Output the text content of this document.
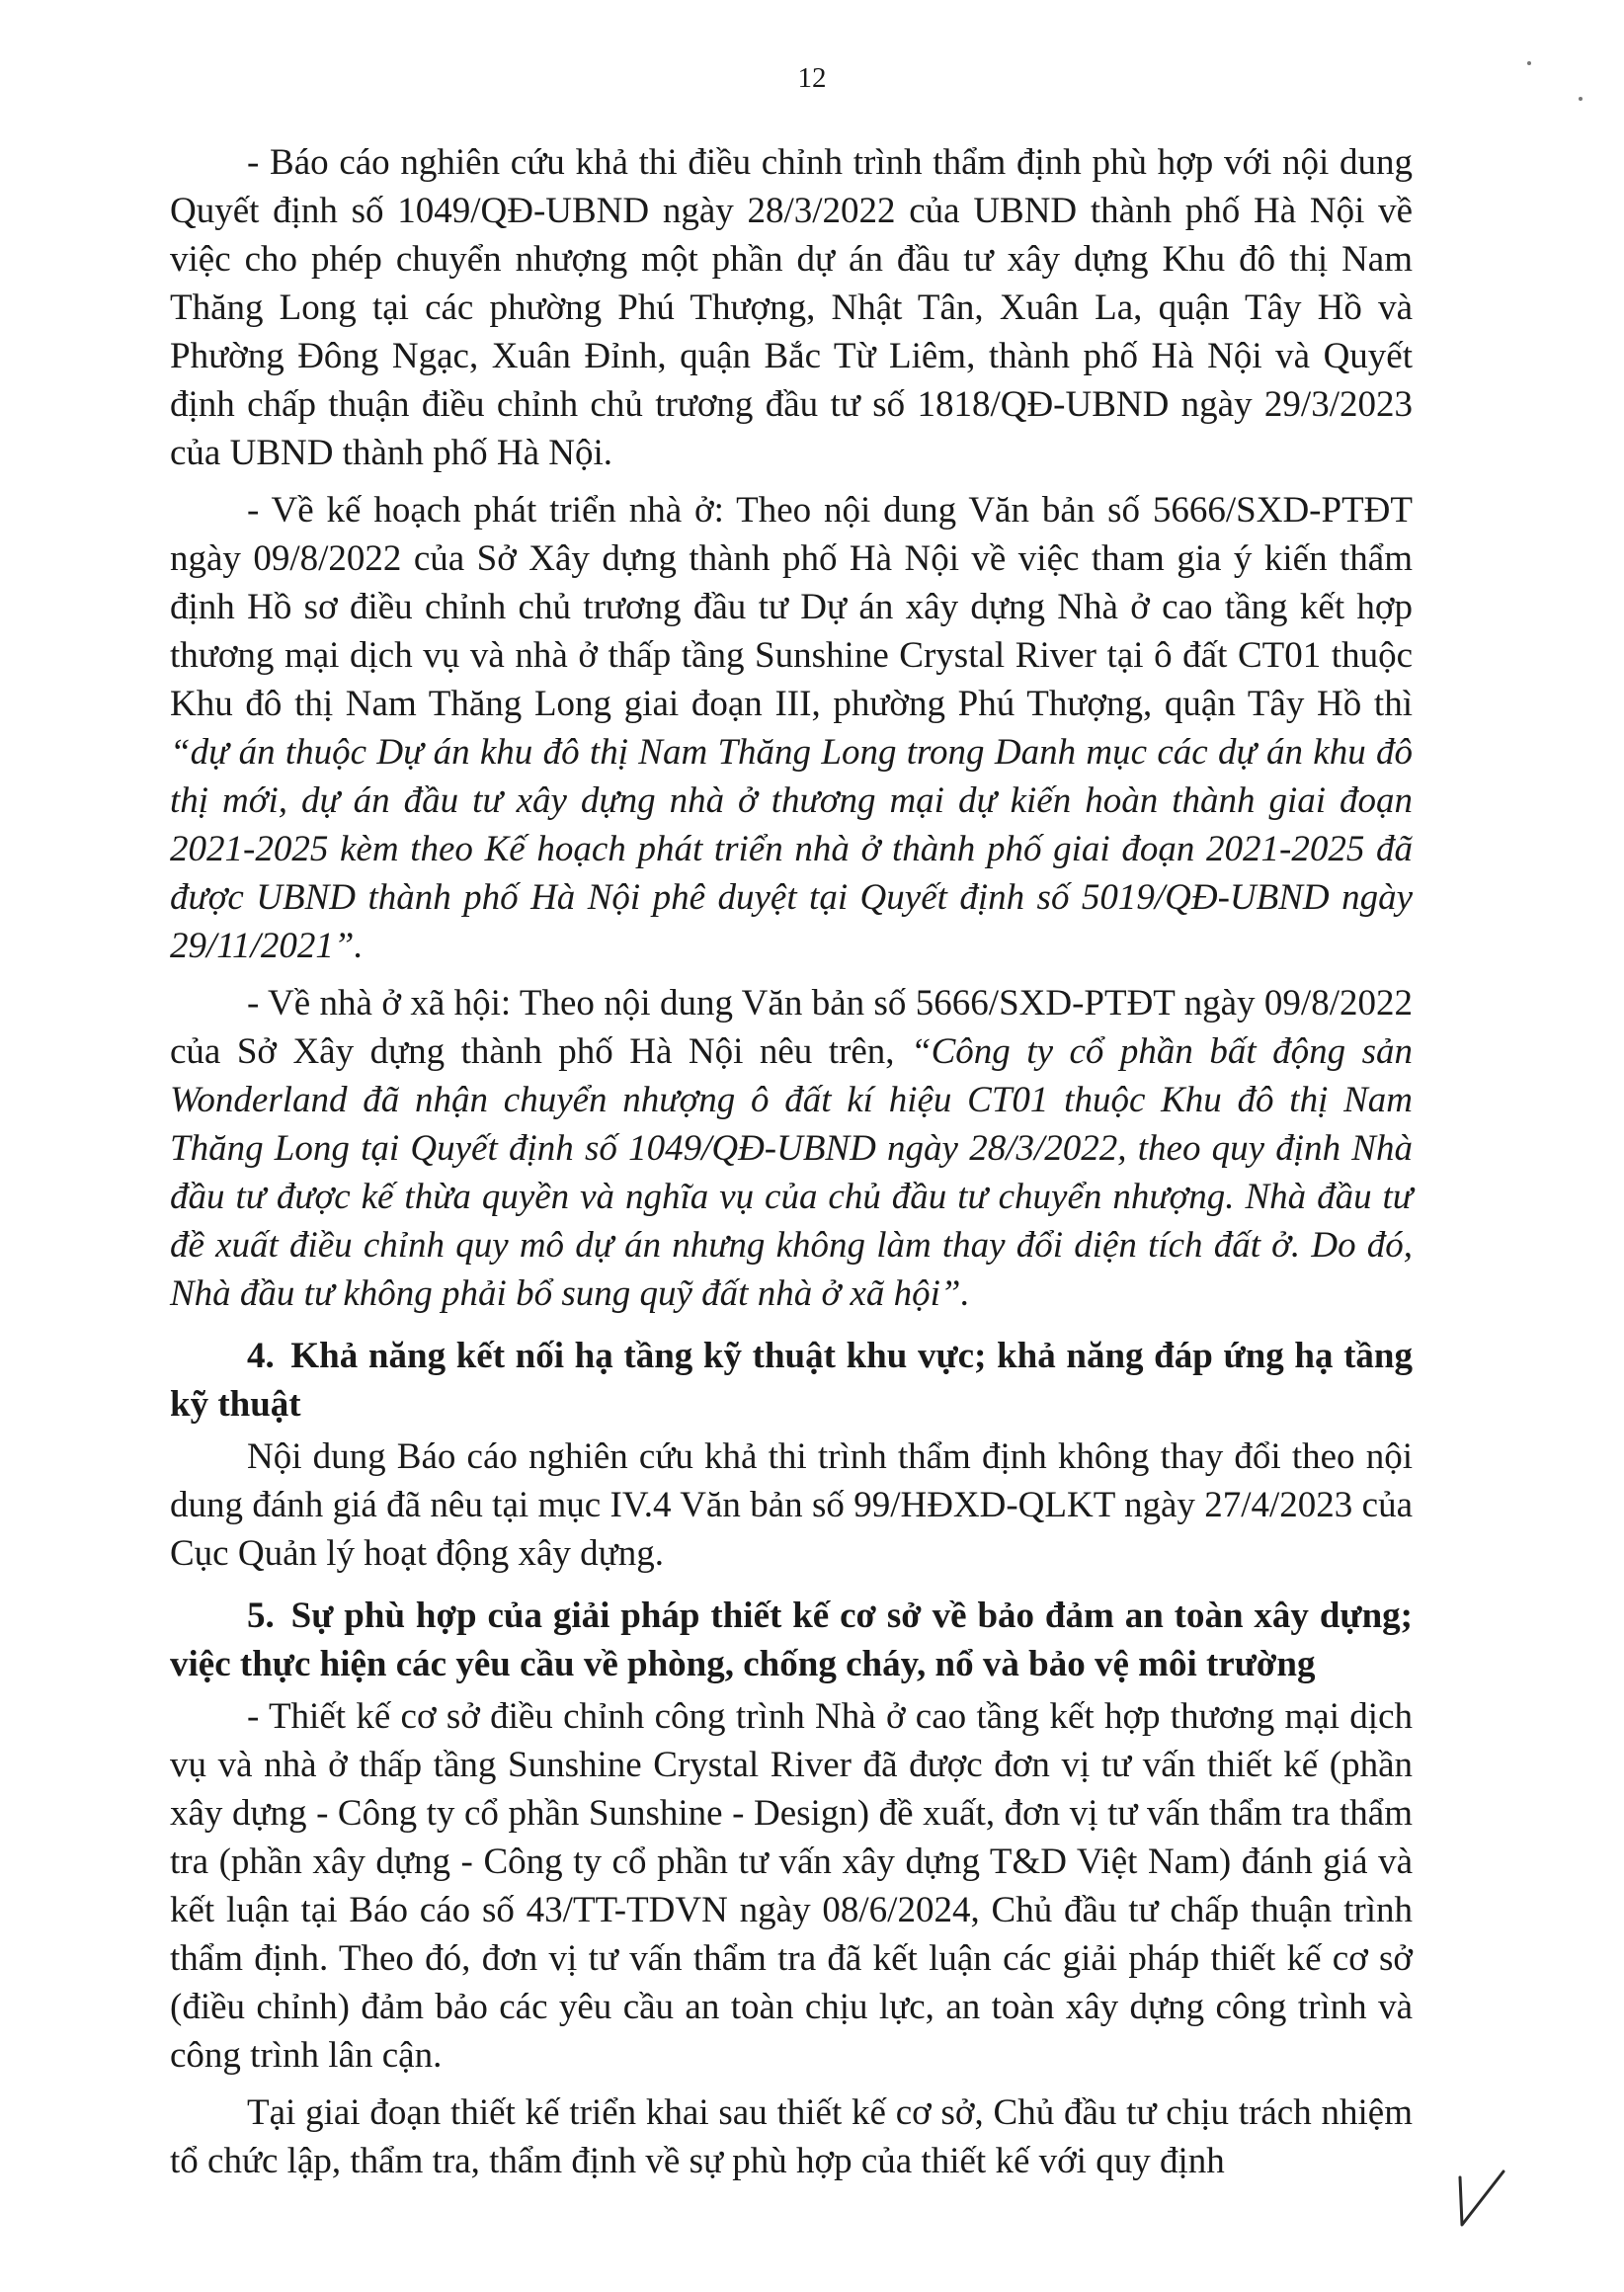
12

- Báo cáo nghiên cứu khả thi điều chỉnh trình thẩm định phù hợp với nội dung Quyết định số 1049/QĐ-UBND ngày 28/3/2022 của UBND thành phố Hà Nội về việc cho phép chuyển nhượng một phần dự án đầu tư xây dựng Khu đô thị Nam Thăng Long tại các phường Phú Thượng, Nhật Tân, Xuân La, quận Tây Hồ và Phường Đông Ngạc, Xuân Đỉnh, quận Bắc Từ Liêm, thành phố Hà Nội và Quyết định chấp thuận điều chỉnh chủ trương đầu tư số 1818/QĐ-UBND ngày 29/3/2023 của UBND thành phố Hà Nội.

- Về kế hoạch phát triển nhà ở: Theo nội dung Văn bản số 5666/SXD-PTĐT ngày 09/8/2022 của Sở Xây dựng thành phố Hà Nội về việc tham gia ý kiến thẩm định Hồ sơ điều chỉnh chủ trương đầu tư Dự án xây dựng Nhà ở cao tầng kết hợp thương mại dịch vụ và nhà ở thấp tầng Sunshine Crystal River tại ô đất CT01 thuộc Khu đô thị Nam Thăng Long giai đoạn III, phường Phú Thượng, quận Tây Hồ thì “dự án thuộc Dự án khu đô thị Nam Thăng Long trong Danh mục các dự án khu đô thị mới, dự án đầu tư xây dựng nhà ở thương mại dự kiến hoàn thành giai đoạn 2021-2025 kèm theo Kế hoạch phát triển nhà ở thành phố giai đoạn 2021-2025 đã được UBND thành phố Hà Nội phê duyệt tại Quyết định số 5019/QĐ-UBND ngày 29/11/2021”.

- Về nhà ở xã hội: Theo nội dung Văn bản số 5666/SXD-PTĐT ngày 09/8/2022 của Sở Xây dựng thành phố Hà Nội nêu trên, “Công ty cổ phần bất động sản Wonderland đã nhận chuyển nhượng ô đất kí hiệu CT01 thuộc Khu đô thị Nam Thăng Long tại Quyết định số 1049/QĐ-UBND ngày 28/3/2022, theo quy định Nhà đầu tư được kế thừa quyền và nghĩa vụ của chủ đầu tư chuyển nhượng. Nhà đầu tư đề xuất điều chỉnh quy mô dự án nhưng không làm thay đổi diện tích đất ở. Do đó, Nhà đầu tư không phải bổ sung quỹ đất nhà ở xã hội”.

4. Khả năng kết nối hạ tầng kỹ thuật khu vực; khả năng đáp ứng hạ tầng kỹ thuật

Nội dung Báo cáo nghiên cứu khả thi trình thẩm định không thay đổi theo nội dung đánh giá đã nêu tại mục IV.4 Văn bản số 99/HĐXD-QLKT ngày 27/4/2023 của Cục Quản lý hoạt động xây dựng.

5. Sự phù hợp của giải pháp thiết kế cơ sở về bảo đảm an toàn xây dựng; việc thực hiện các yêu cầu về phòng, chống cháy, nổ và bảo vệ môi trường

- Thiết kế cơ sở điều chỉnh công trình Nhà ở cao tầng kết hợp thương mại dịch vụ và nhà ở thấp tầng Sunshine Crystal River đã được đơn vị tư vấn thiết kế (phần xây dựng - Công ty cổ phần Sunshine - Design) đề xuất, đơn vị tư vấn thẩm tra thẩm tra (phần xây dựng - Công ty cổ phần tư vấn xây dựng T&D Việt Nam) đánh giá và kết luận tại Báo cáo số 43/TT-TDVN ngày 08/6/2024, Chủ đầu tư chấp thuận trình thẩm định. Theo đó, đơn vị tư vấn thẩm tra đã kết luận các giải pháp thiết kế cơ sở (điều chỉnh) đảm bảo các yêu cầu an toàn chịu lực, an toàn xây dựng công trình và công trình lân cận.

Tại giai đoạn thiết kế triển khai sau thiết kế cơ sở, Chủ đầu tư chịu trách nhiệm tổ chức lập, thẩm tra, thẩm định về sự phù hợp của thiết kế với quy định
